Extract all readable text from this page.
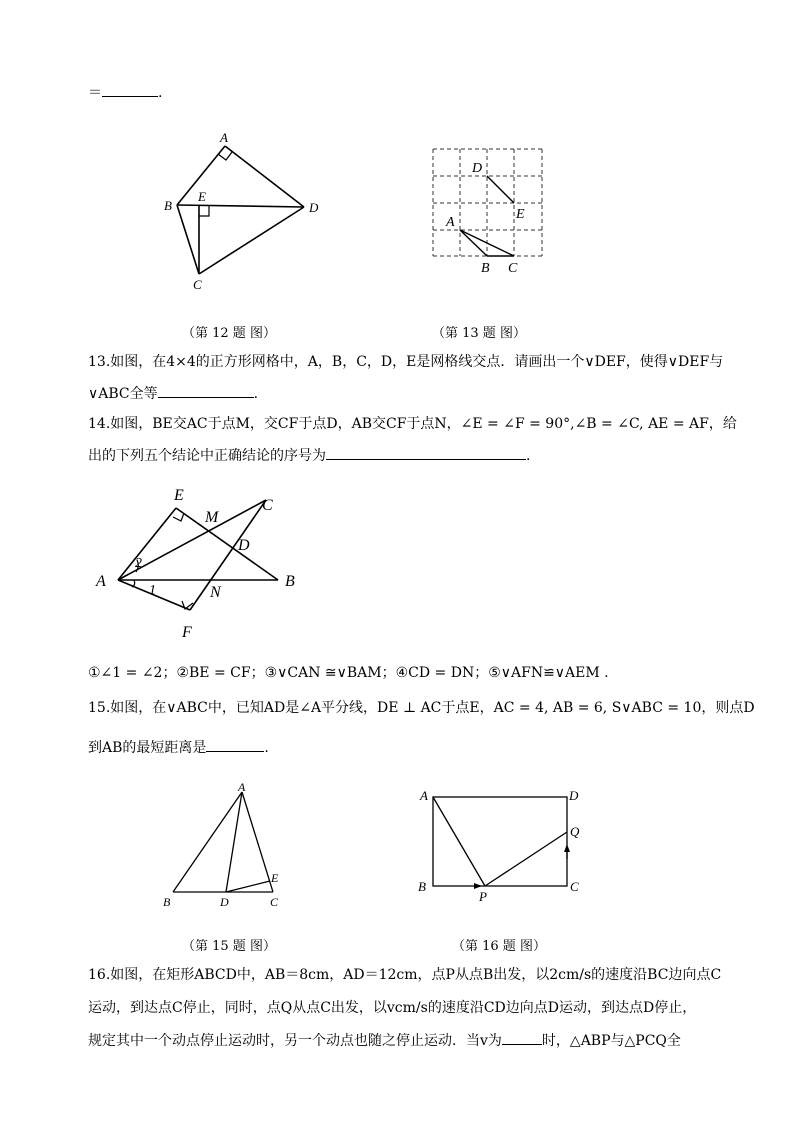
＝	.
A
B
E
D
C
（第 12 题 图）
D
E
A
B C
（第 13 题 图）
13.如图，在4×4的正方形网格中，A，B，C，D，E是网格线交点．请画出一个∨DEF，使得∨DEF与
∨ABC全等	.
14.如图，BE交AC于点M，交CF于点D，AB交CF于点N，∠E = ∠F = 90°,∠B = ∠C, AE = AF，给
出的下列五个结论中正确结论的序号为	.
E
M
C
D
A	B
N
F
2
1
①∠1 = ∠2；②BE = CF；③∨CAN ≅∨BAM；④CD = DN；⑤∨AFN≌∨AEM .
15.如图，在∨ABC中，已知AD是∠A平分线，DE ⊥ AC于点E，AC = 4, AB = 6, S∨ABC = 10，则点D
到AB的最短距离是	.
A
B	D	C
E
（第 15 题 图）
A	D
Q
B	C
P
（第 16 题 图）
16.如图，在矩形ABCD中，AB＝8cm，AD＝12cm，点P从点B出发，以2cm/s的速度沿BC边向点C
运动，到达点C停止，同时，点Q从点C出发，以vcm/s的速度沿CD边向点D运动，到达点D停止，
规定其中一个动点停止运动时，另一个动点也随之停止运动．当v为	时，△ABP与△PCQ全
